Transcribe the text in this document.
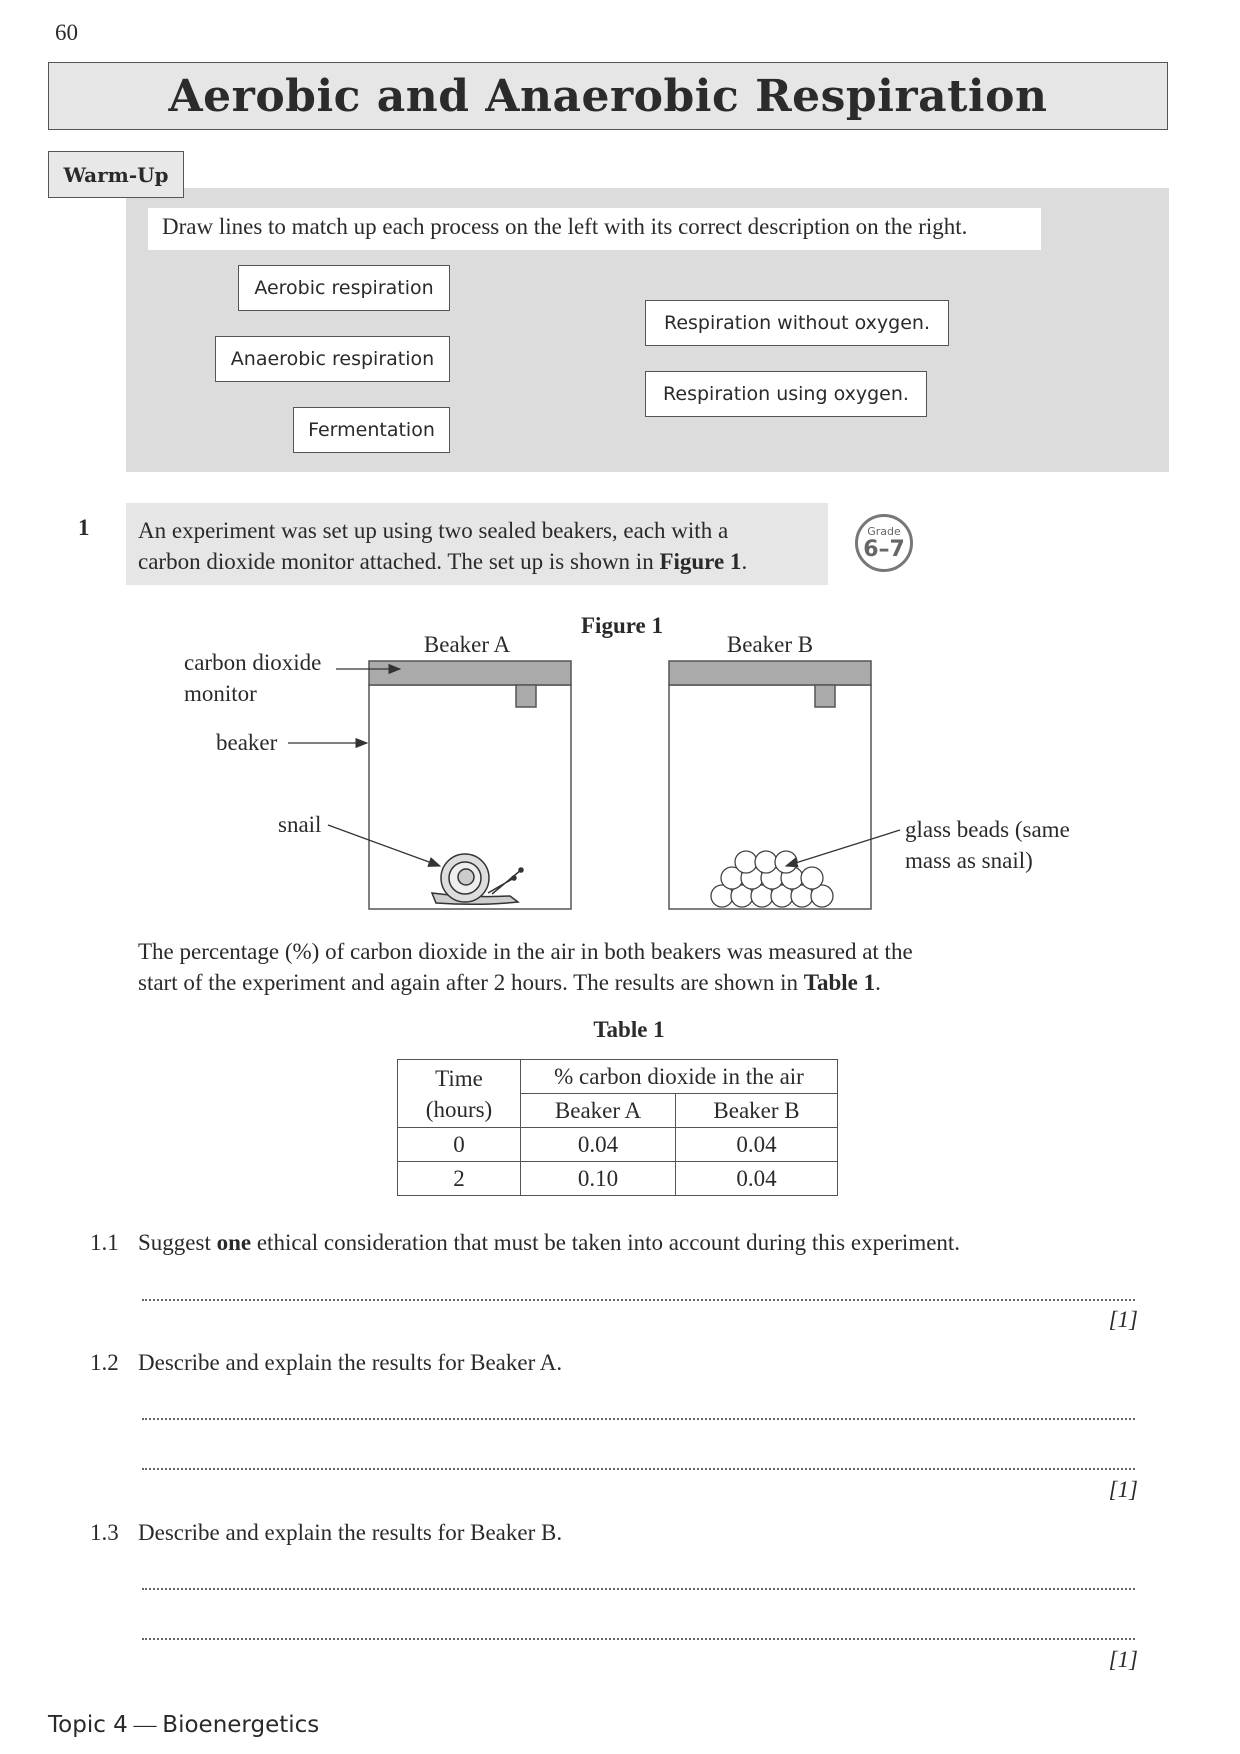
60
Aerobic and Anaerobic Respiration
Warm-Up
Draw lines to match up each process on the left with its correct description on the right.
Aerobic respiration
Anaerobic respiration
Fermentation
Respiration without oxygen.
Respiration using oxygen.
1 An experiment was set up using two sealed beakers, each with a
carbon dioxide monitor attached. The set up is shown in Figure 1.
Grade
6–7
Figure 1
Beaker A	Beaker B
carbon dioxide
monitor
beaker
snail	glass beads (same
mass as snail)
The percentage (%) of carbon dioxide in the air in both beakers was measured at the
start of the experiment and again after 2 hours. The results are shown in Table 1.
Table 1
Time
(hours)	% carbon dioxide in the air	
	Beaker A	Beaker B
0	0.04	0.04
2	0.10	0.04
1.1 Suggest one ethical consideration that must be taken into account during this experiment.
[1]
1.2 Describe and explain the results for Beaker A.
[1]
1.3 Describe and explain the results for Beaker B.
[1]
Topic 4 — Bioenergetics
